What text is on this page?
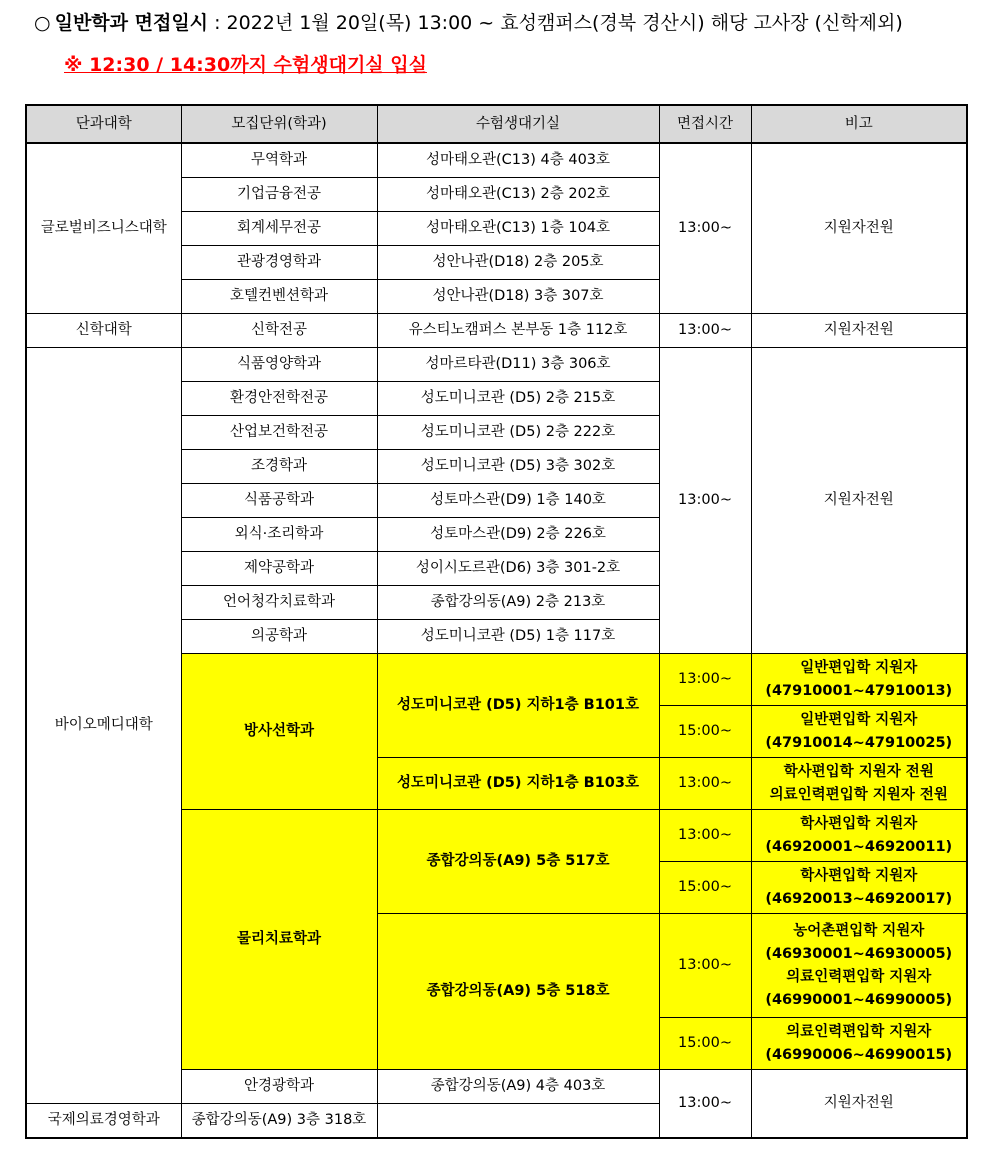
○ 일반학과 면접일시 : 2022년 1월 20일(목) 13:00 ~ 효성캠퍼스(경북 경산시) 해당 고사장 (신학제외)
※ 12:30 / 14:30까지 수험생대기실 입실
단과대학	모집단위(학과)	수험생대기실	면접시간	비고
글로벌비즈니스대학	무역학과	성마태오관(C13) 4층 403호	13:00~	지원자전원
	기업금융전공	성마태오관(C13) 2층 202호		
	회계세무전공	성마태오관(C13) 1층 104호		
	관광경영학과	성안나관(D18) 2층 205호		
	호텔컨벤션학과	성안나관(D18) 3층 307호		
신학대학	신학전공	유스티노캠퍼스 본부동 1층 112호	13:00~	지원자전원
바이오메디대학	식품영양학과	성마르타관(D11) 3층 306호	13:00~	지원자전원
	환경안전학전공	성도미니코관 (D5) 2층 215호		
	산업보건학전공	성도미니코관 (D5) 2층 222호		
	조경학과	성도미니코관 (D5) 3층 302호		
	식품공학과	성토마스관(D9) 1층 140호		
	외식·조리학과	성토마스관(D9) 2층 226호		
	제약공학과	성이시도르관(D6) 3층 301-2호		
	언어청각치료학과	종합강의동(A9) 2층 213호		
	의공학과	성도미니코관 (D5) 1층 117호		
	방사선학과	성도미니코관 (D5) 지하1층 B101호	13:00~	일반편입학 지원자
(47910001~47910013)

			15:00~	일반편입학 지원자
(47910014~47910025)

		성도미니코관 (D5) 지하1층 B103호	13:00~	학사편입학 지원자 전원
의료인력편입학 지원자 전원

	물리치료학과	종합강의동(A9) 5층 517호	13:00~	학사편입학 지원자
(46920001~46920011)

			15:00~	학사편입학 지원자
(46920013~46920017)

		종합강의동(A9) 5층 518호	13:00~	농어촌편입학 지원자
(46930001~46930005)
의료인력편입학 지원자
(46990001~46990005)

			15:00~	의료인력편입학 지원자
(46990006~46990015)

	안경광학과	종합강의동(A9) 4층 403호	13:00~	지원자전원
국제의료경영학과	종합강의동(A9) 3층 318호			
